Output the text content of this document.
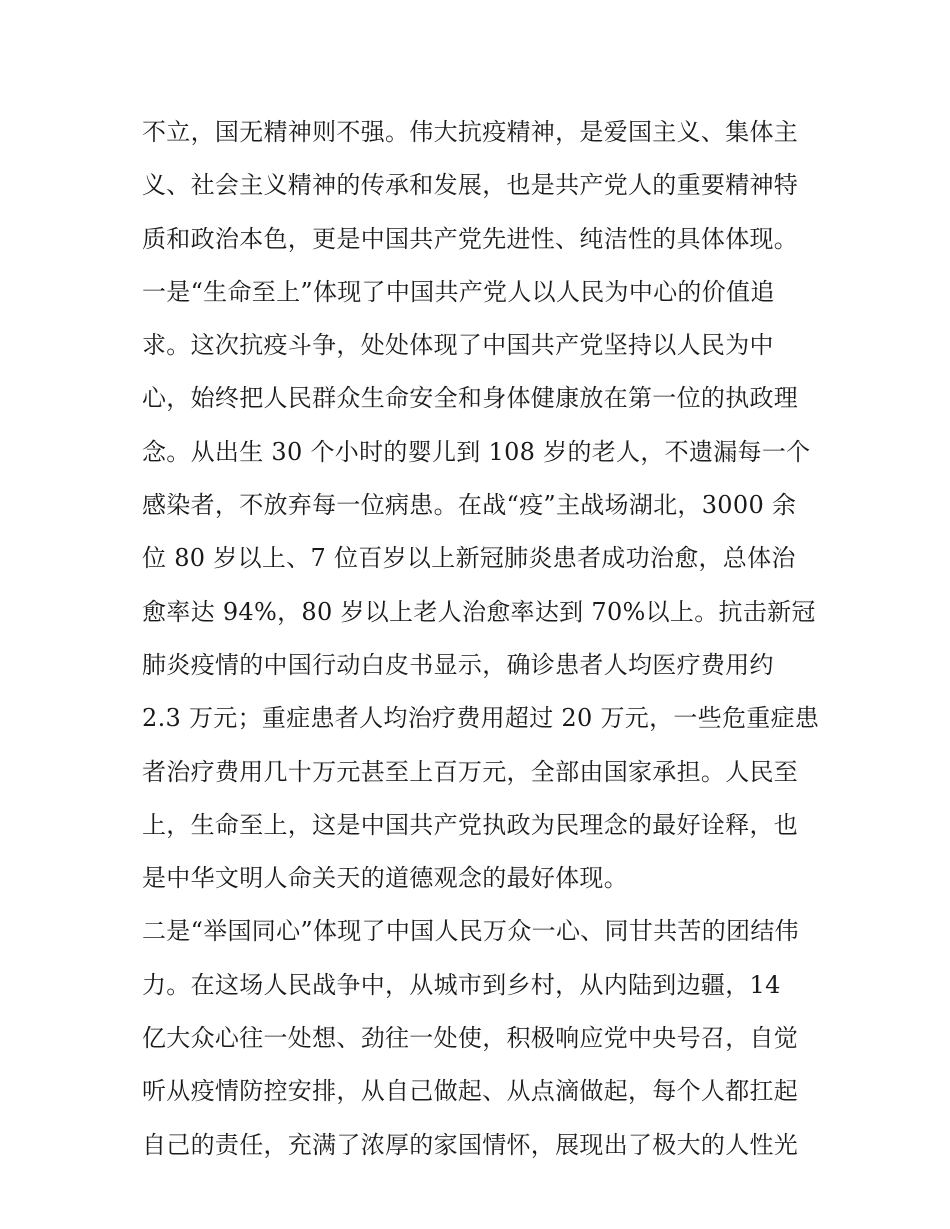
不立，国无精神则不强。伟大抗疫精神，是爱国主义、集体主
义、社会主义精神的传承和发展，也是共产党人的重要精神特
质和政治本色，更是中国共产党先进性、纯洁性的具体体现。
一是“生命至上”体现了中国共产党人以人民为中心的价值追
求。这次抗疫斗争，处处体现了中国共产党坚持以人民为中
心，始终把人民群众生命安全和身体健康放在第一位的执政理
念。从出生 30 个小时的婴儿到 108 岁的老人，不遗漏每一个
感染者，不放弃每一位病患。在战“疫”主战场湖北，3000 余
位 80 岁以上、7 位百岁以上新冠肺炎患者成功治愈，总体治
愈率达 94%，80 岁以上老人治愈率达到 70%以上。抗击新冠
肺炎疫情的中国行动白皮书显示，确诊患者人均医疗费用约
2.3 万元；重症患者人均治疗费用超过 20 万元，一些危重症患
者治疗费用几十万元甚至上百万元，全部由国家承担。人民至
上，生命至上，这是中国共产党执政为民理念的最好诠释，也
是中华文明人命关天的道德观念的最好体现。
二是“举国同心”体现了中国人民万众一心、同甘共苦的团结伟
力。在这场人民战争中，从城市到乡村，从内陆到边疆，14
亿大众心往一处想、劲往一处使，积极响应党中央号召，自觉
听从疫情防控安排，从自己做起、从点滴做起，每个人都扛起
自己的责任，充满了浓厚的家国情怀，展现出了极大的人性光
